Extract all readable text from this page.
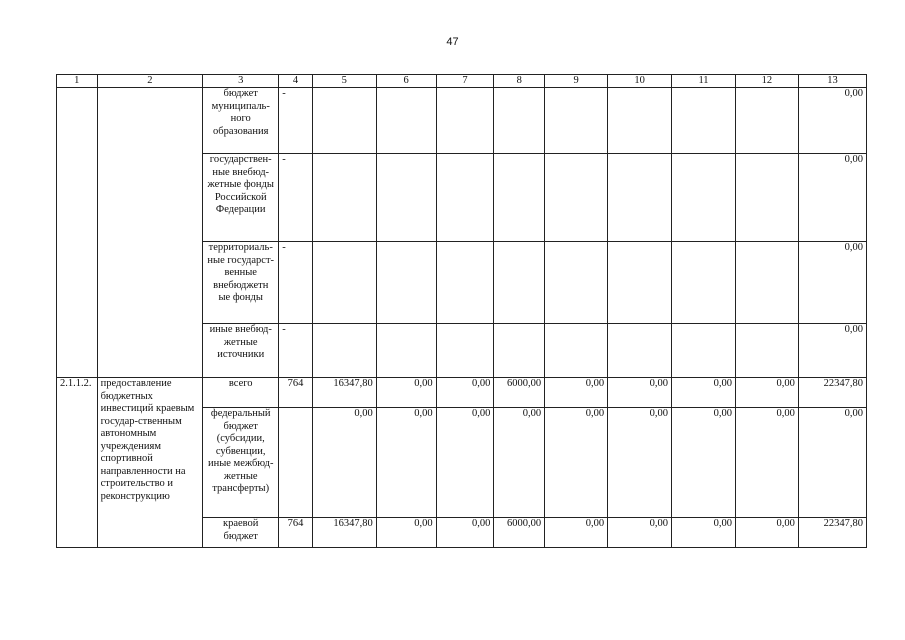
47
1	2	3	4	5	6	7	8	9	10	11	12	13
		бюджет муниципаль-ного образования	-									0,00
		государствен-ные внебюд-жетные фонды Российской Федерации	-									0,00
		территориаль-ные государст-венные внебюджетн ые фонды	-									0,00
		иные внебюд-жетные источники	-									0,00
2.1.1.2.	предоставление бюджетных инвестиций краевым государ-ственным автономным учреждениям спортивной направленности на строительство и реконструкцию	всего	764	16347,80	0,00	0,00	6000,00	0,00	0,00	0,00	0,00	22347,80
		федеральный бюджет (субсидии, субвенции, иные межбюд-жетные трансферты)		0,00	0,00	0,00	0,00	0,00	0,00	0,00	0,00	0,00
		краевой бюджет	764	16347,80	0,00	0,00	6000,00	0,00	0,00	0,00	0,00	22347,80
